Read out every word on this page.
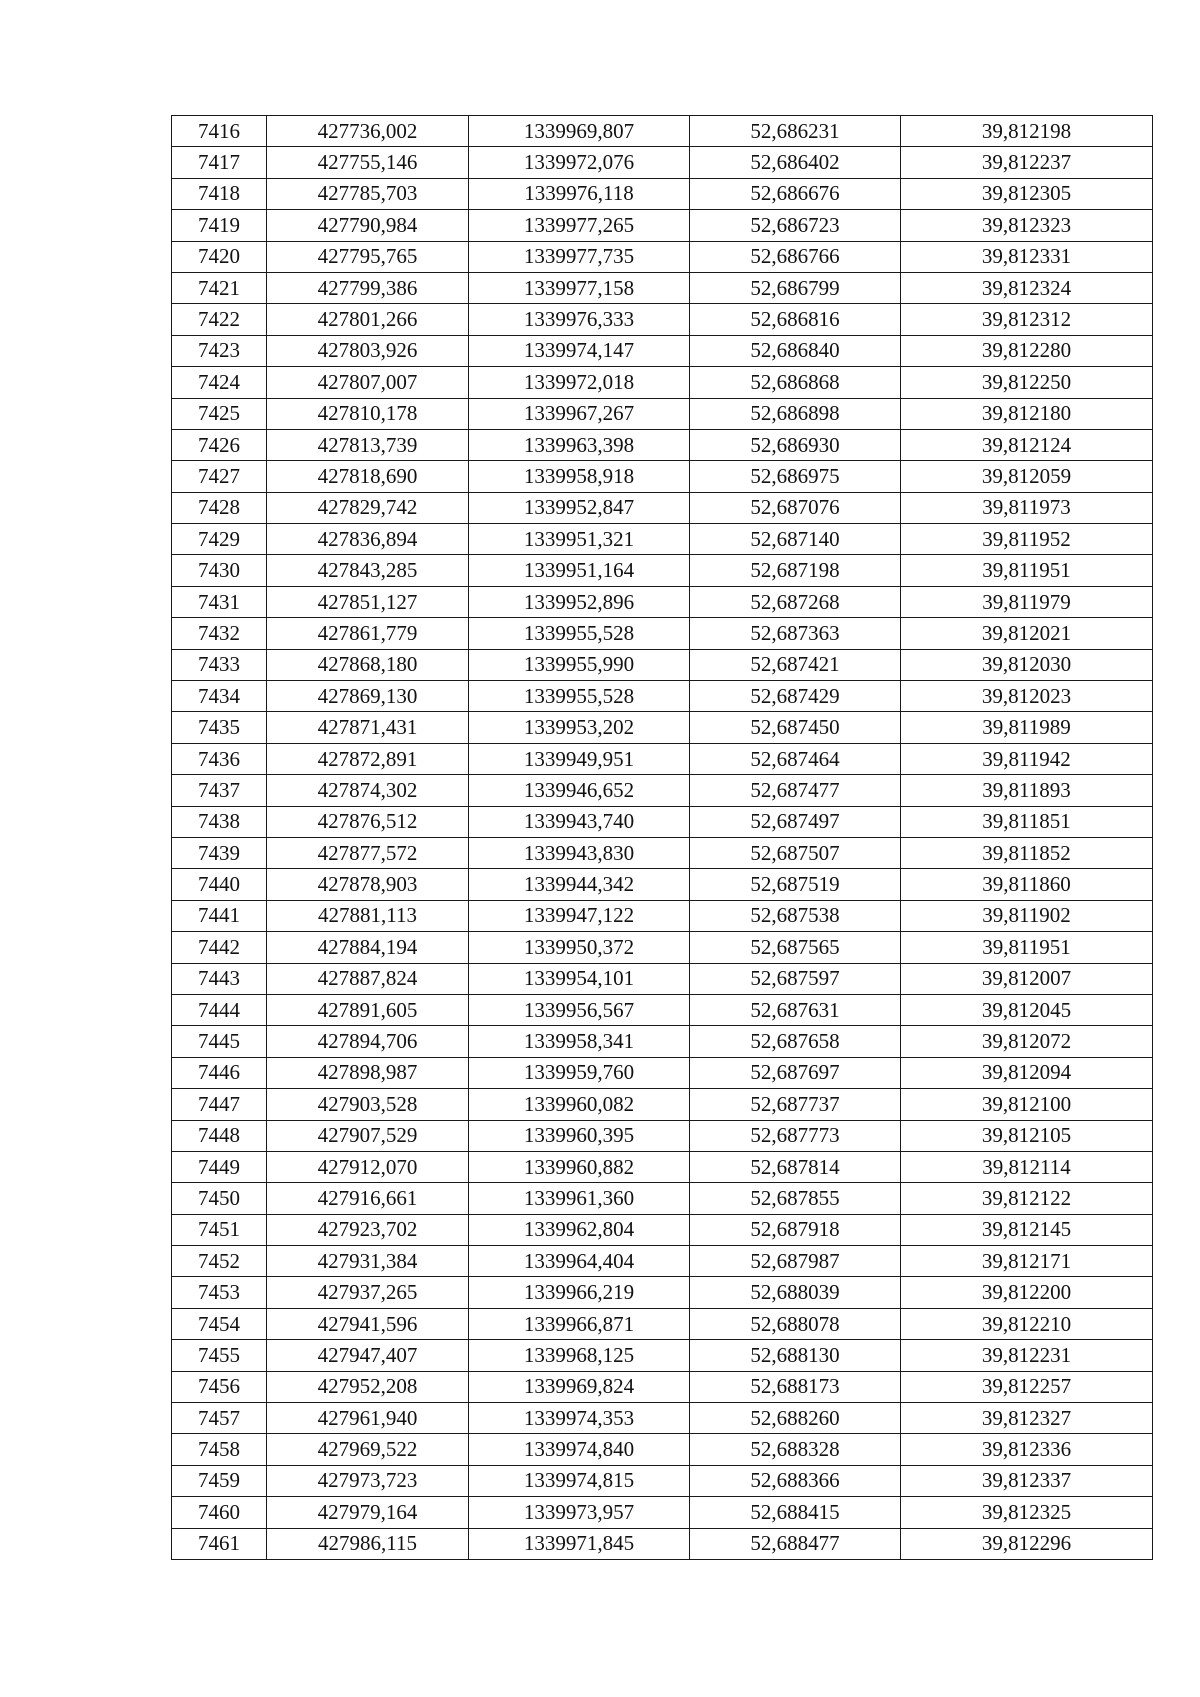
7416	427736,002	1339969,807	52,686231	39,812198
7417	427755,146	1339972,076	52,686402	39,812237
7418	427785,703	1339976,118	52,686676	39,812305
7419	427790,984	1339977,265	52,686723	39,812323
7420	427795,765	1339977,735	52,686766	39,812331
7421	427799,386	1339977,158	52,686799	39,812324
7422	427801,266	1339976,333	52,686816	39,812312
7423	427803,926	1339974,147	52,686840	39,812280
7424	427807,007	1339972,018	52,686868	39,812250
7425	427810,178	1339967,267	52,686898	39,812180
7426	427813,739	1339963,398	52,686930	39,812124
7427	427818,690	1339958,918	52,686975	39,812059
7428	427829,742	1339952,847	52,687076	39,811973
7429	427836,894	1339951,321	52,687140	39,811952
7430	427843,285	1339951,164	52,687198	39,811951
7431	427851,127	1339952,896	52,687268	39,811979
7432	427861,779	1339955,528	52,687363	39,812021
7433	427868,180	1339955,990	52,687421	39,812030
7434	427869,130	1339955,528	52,687429	39,812023
7435	427871,431	1339953,202	52,687450	39,811989
7436	427872,891	1339949,951	52,687464	39,811942
7437	427874,302	1339946,652	52,687477	39,811893
7438	427876,512	1339943,740	52,687497	39,811851
7439	427877,572	1339943,830	52,687507	39,811852
7440	427878,903	1339944,342	52,687519	39,811860
7441	427881,113	1339947,122	52,687538	39,811902
7442	427884,194	1339950,372	52,687565	39,811951
7443	427887,824	1339954,101	52,687597	39,812007
7444	427891,605	1339956,567	52,687631	39,812045
7445	427894,706	1339958,341	52,687658	39,812072
7446	427898,987	1339959,760	52,687697	39,812094
7447	427903,528	1339960,082	52,687737	39,812100
7448	427907,529	1339960,395	52,687773	39,812105
7449	427912,070	1339960,882	52,687814	39,812114
7450	427916,661	1339961,360	52,687855	39,812122
7451	427923,702	1339962,804	52,687918	39,812145
7452	427931,384	1339964,404	52,687987	39,812171
7453	427937,265	1339966,219	52,688039	39,812200
7454	427941,596	1339966,871	52,688078	39,812210
7455	427947,407	1339968,125	52,688130	39,812231
7456	427952,208	1339969,824	52,688173	39,812257
7457	427961,940	1339974,353	52,688260	39,812327
7458	427969,522	1339974,840	52,688328	39,812336
7459	427973,723	1339974,815	52,688366	39,812337
7460	427979,164	1339973,957	52,688415	39,812325
7461	427986,115	1339971,845	52,688477	39,812296
